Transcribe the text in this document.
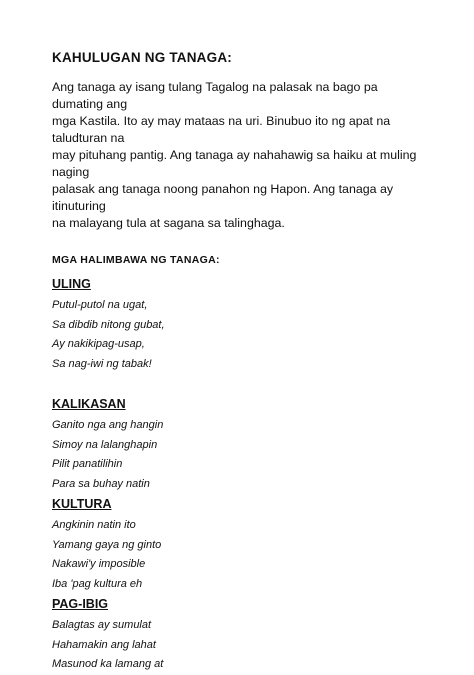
KAHULUGAN NG TANAGA:
Ang tanaga ay isang tulang Tagalog na palasak na bago pa dumating ang
mga Kastila. Ito ay may mataas na uri. Binubuo ito ng apat na taludturan na
may pituhang pantig. Ang tanaga ay nahahawig sa haiku at muling naging
palasak ang tanaga noong panahon ng Hapon. Ang tanaga ay itinuturing
na malayang tula at sagana sa talinghaga.
MGA HALIMBAWA NG TANAGA:
ULING
Putul-putol na ugat,
Sa dibdib nitong gubat,
Ay nakikipag-usap,
Sa nag-iwi ng tabak!
KALIKASAN
Ganito nga ang hangin
Simoy na lalanghapin
Pilit panatilihin
Para sa buhay natin
KULTURA
Angkinin natin ito
Yamang gaya ng ginto
Nakawi'y imposible
Iba 'pag kultura eh
PAG-IBIG
Balagtas ay sumulat
Hahamakin ang lahat
Masunod ka lamang at
